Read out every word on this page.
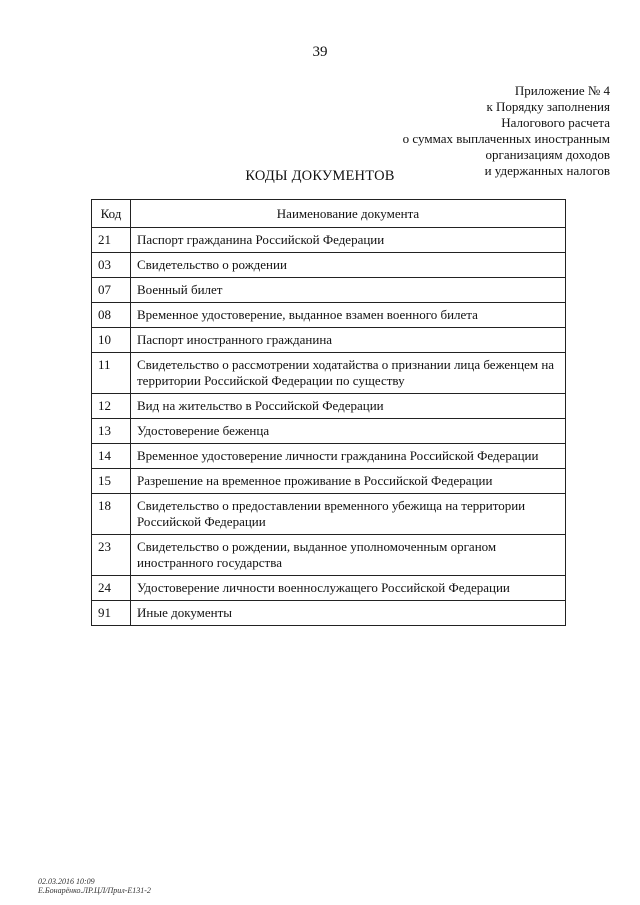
39
Приложение № 4
к Порядку заполнения
Налогового расчета
о суммах выплаченных иностранным
организациям доходов
и удержанных налогов
КОДЫ ДОКУМЕНТОВ
Код	Наименование документа
21	Паспорт гражданина Российской Федерации
03	Свидетельство о рождении
07	Военный билет
08	Временное удостоверение, выданное взамен военного билета
10	Паспорт иностранного гражданина
11	Свидетельство о рассмотрении ходатайства о признании лица беженцем на территории Российской Федерации по существу
12	Вид на жительство в Российской Федерации
13	Удостоверение беженца
14	Временное удостоверение личности гражданина Российской Федерации
15	Разрешение на временное проживание в Российской Федерации
18	Свидетельство о предоставлении временного убежища на территории Российской Федерации
23	Свидетельство о рождении, выданное уполномоченным органом иностранного государства
24	Удостоверение личности военнослужащего Российской Федерации
91	Иные документы
02.03.2016 10:09
Е.Бонарёнко.ЛР.ЦЛ/Прил-Е131-2
